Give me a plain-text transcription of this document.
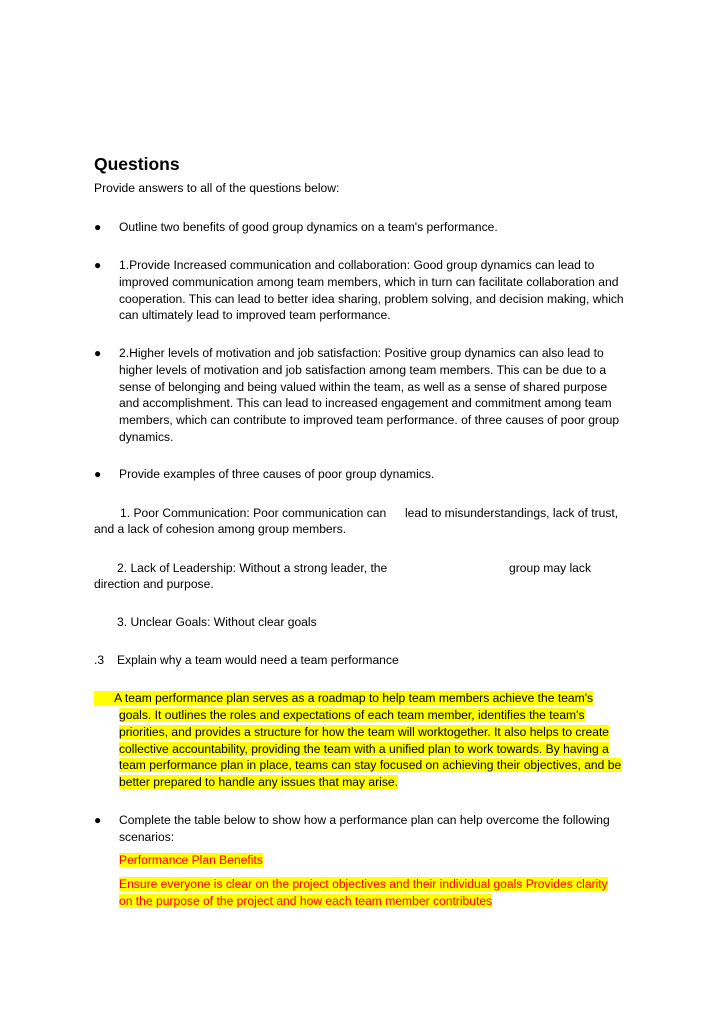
Questions
Provide answers to all of the questions below:
● Outline two benefits of good group dynamics on a team's performance.
● 1.Provide Increased communication and collaboration: Good group dynamics can lead to improved communication among team members, which in turn can facilitate collaboration and cooperation. This can lead to better idea sharing, problem solving, and decision making, which can ultimately lead to improved team performance.
● 2.Higher levels of motivation and job satisfaction: Positive group dynamics can also lead to higher levels of motivation and job satisfaction among team members. This can be due to a sense of belonging and being valued within the team, as well as a sense of shared purpose and accomplishment. This can lead to increased engagement and commitment among team members, which can contribute to improved team performance. of three causes of poor group dynamics.
● Provide examples of three causes of poor group dynamics.
1. Poor Communication: Poor communication can lead to misunderstandings, lack of trust,
and a lack of cohesion among group members.
2. Lack of Leadership: Without a strong leader, the	group may lack
direction and purpose.
3. Unclear Goals: Without clear goals
.3 Explain why a team would need a team performance
A team performance plan serves as a roadmap to help team members achieve the team's
goals. It outlines the roles and expectations of each team member, identifies the team's priorities, and provides a structure for how the team will worktogether. It also helps to create collective accountability, providing the team with a unified plan to work towards. By having a team performance plan in place, teams can stay focused on achieving their objectives, and be better prepared to handle any issues that may arise.
● Complete the table below to show how a performance plan can help overcome the following scenarios:
Performance Plan Benefits
Ensure everyone is clear on the project objectives and their individual goals Provides clarity on the purpose of the project and how each team member contributes
